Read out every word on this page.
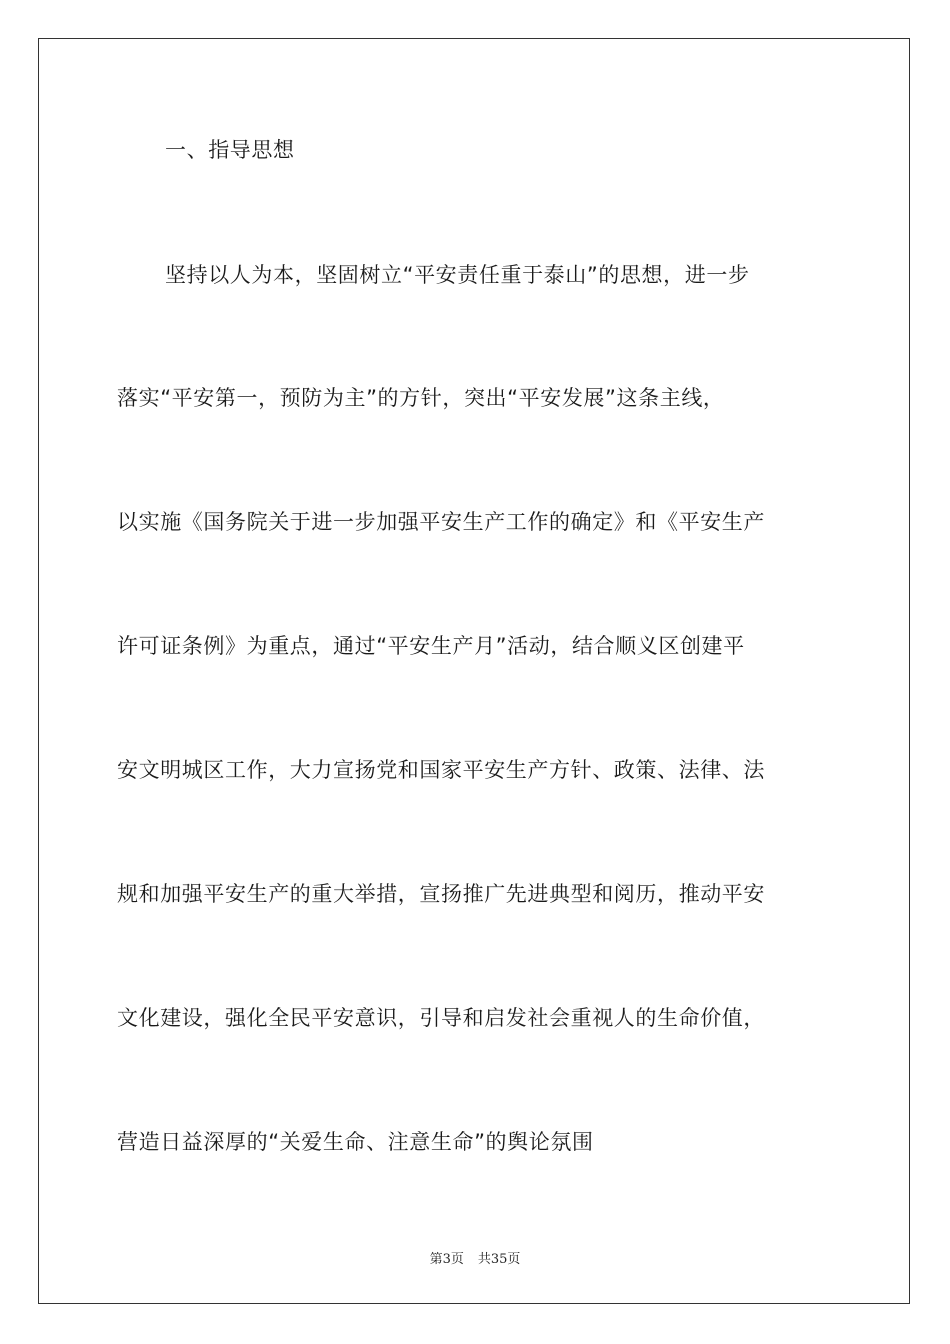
一、指导思想
坚持以人为本，坚固树立“平安责任重于泰山”的思想，进一步
落实“平安第一，预防为主”的方针，突出“平安发展”这条主线，
以实施《国务院关于进一步加强平安生产工作的确定》和《平安生产
许可证条例》为重点，通过“平安生产月”活动，结合顺义区创建平
安文明城区工作，大力宣扬党和国家平安生产方针、政策、法律、法
规和加强平安生产的重大举措，宣扬推广先进典型和阅历，推动平安
文化建设，强化全民平安意识，引导和启发社会重视人的生命价值，
营造日益深厚的“关爱生命、注意生命”的舆论氛围
第3页 共35页
